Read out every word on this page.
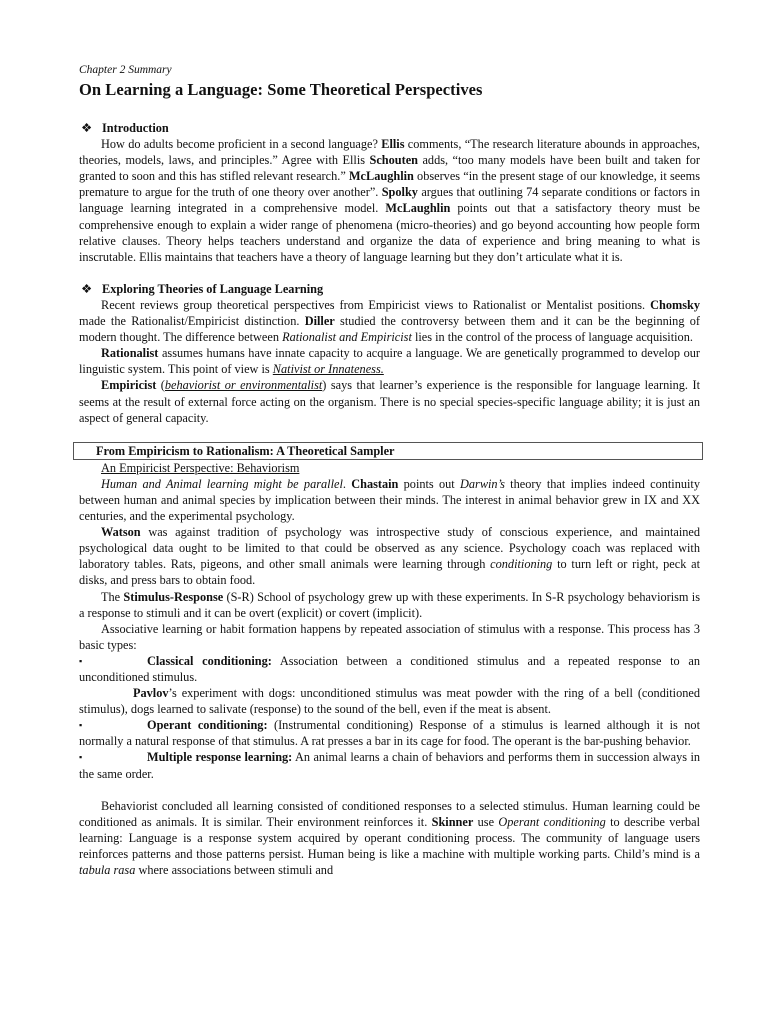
Chapter 2 Summary
On Learning a Language: Some Theoretical Perspectives
❖ Introduction

How do adults become proficient in a second language? Ellis comments, “The research literature abounds in approaches, theories, models, laws, and principles.” Agree with Ellis Schouten adds, “too many models have been built and taken for granted to soon and this has stifled relevant research.” McLaughlin observes “in the present stage of our knowledge, it seems premature to argue for the truth of one theory over another”. Spolky argues that outlining 74 separate conditions or factors in language learning integrated in a comprehensive model. McLaughlin points out that a satisfactory theory must be comprehensive enough to explain a wider range of phenomena (micro-theories) and go beyond accounting how people form relative clauses. Theory helps teachers understand and organize the data of experience and bring meaning to what is inscrutable. Ellis maintains that teachers have a theory of language learning but they don’t articulate what it is.

❖ Exploring Theories of Language Learning

Recent reviews group theoretical perspectives from Empiricist views to Rationalist or Mentalist positions. Chomsky made the Rationalist/Empiricist distinction. Diller studied the controversy between them and it can be the beginning of modern thought. The difference between Rationalist and Empiricist lies in the control of the process of language acquisition.

Rationalist assumes humans have innate capacity to acquire a language. We are genetically programmed to develop our linguistic system. This point of view is Nativist or Innateness.

Empiricist (behaviorist or environmentalist) says that learner’s experience is the responsible for language learning. It seems at the result of external force acting on the organism. There is no special species-specific language ability; it is just an aspect of general capacity.

From Empiricism to Rationalism: A Theoretical Sampler
An Empiricist Perspective: Behaviorism

Human and Animal learning might be parallel. Chastain points out Darwin’s theory that implies indeed continuity between human and animal species by implication between their minds. The interest in animal behavior grew in IX and XX centuries, and the experimental psychology.

Watson was against tradition of psychology was introspective study of conscious experience, and maintained psychological data ought to be limited to that could be observed as any science. Psychology coach was replaced with laboratory tables. Rats, pigeons, and other small animals were learning through conditioning to turn left or right, peck at disks, and press bars to obtain food.

The Stimulus-Response (S-R) School of psychology grew up with these experiments. In S-R psychology behaviorism is a response to stimuli and it can be overt (explicit) or covert (implicit).

Associative learning or habit formation happens by repeated association of stimulus with a response. This process has 3 basic types:

▪	Classical conditioning: Association between a conditioned stimulus and a repeated response to an unconditioned stimulus.
Pavlov’s experiment with dogs: unconditioned stimulus was meat powder with the ring of a bell (conditioned stimulus), dogs learned to salivate (response) to the sound of the bell, even if the meat is absent.
▪	Operant conditioning: (Instrumental conditioning) Response of a stimulus is learned although it is not normally a natural response of that stimulus. A rat presses a bar in its cage for food. The operant is the bar-pushing behavior.
▪	Multiple response learning: An animal learns a chain of behaviors and performs them in succession always in the same order.

Behaviorist concluded all learning consisted of conditioned responses to a selected stimulus. Human learning could be conditioned as animals. It is similar. Their environment reinforces it. Skinner use Operant conditioning to describe verbal learning: Language is a response system acquired by operant conditioning process. The community of language users reinforces patterns and those patterns persist. Human being is like a machine with multiple working parts. Child’s mind is a tabula rasa where associations between stimuli and
